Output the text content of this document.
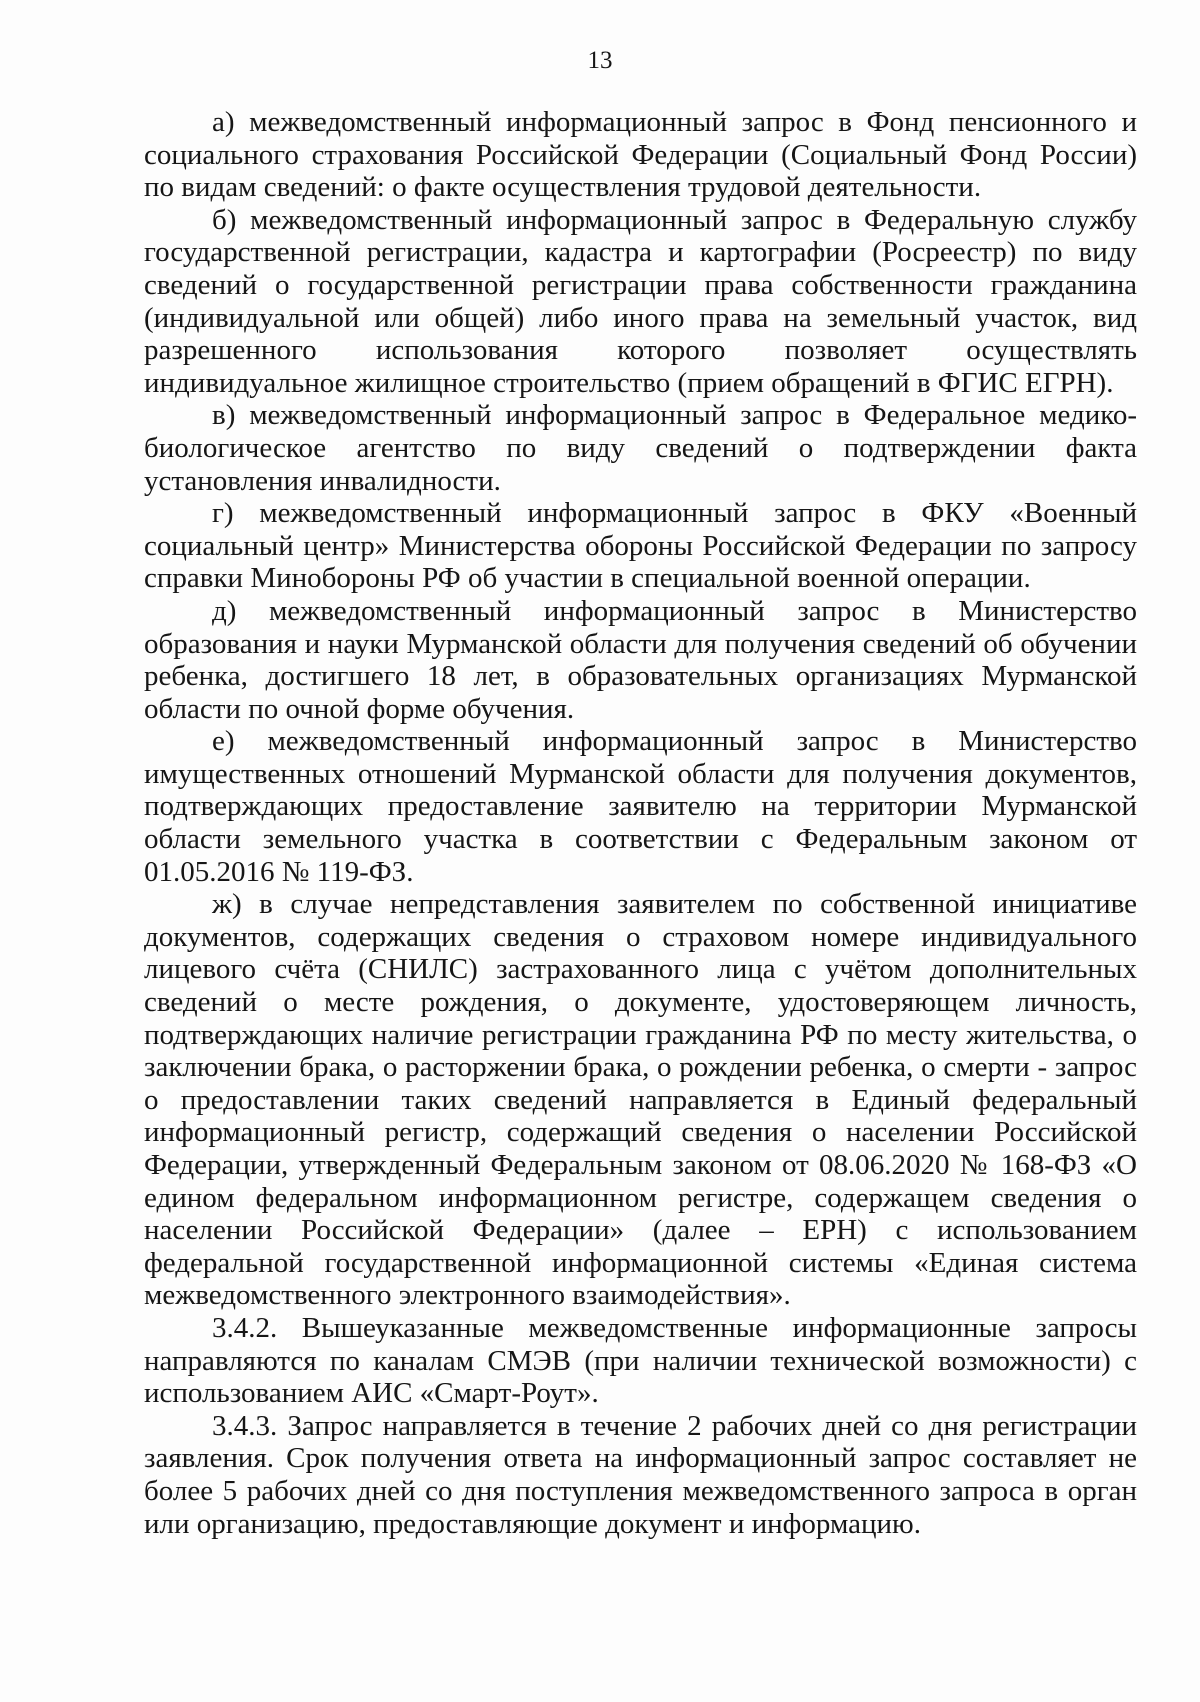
13

а) межведомственный информационный запрос в Фонд пенсионного и социального страхования Российской Федерации (Социальный Фонд России) по видам сведений: о факте осуществления трудовой деятельности.

б) межведомственный информационный запрос в Федеральную службу государственной регистрации, кадастра и картографии (Росреестр) по виду сведений о государственной регистрации права собственности гражданина (индивидуальной или общей) либо иного права на земельный участок, вид разрешенного использования которого позволяет осуществлять индивидуальное жилищное строительство (прием обращений в ФГИС ЕГРН).

в) межведомственный информационный запрос в Федеральное медико-биологическое агентство по виду сведений о подтверждении факта установления инвалидности.

г) межведомственный информационный запрос в ФКУ «Военный социальный центр» Министерства обороны Российской Федерации по запросу справки Минобороны РФ об участии в специальной военной операции.

д) межведомственный информационный запрос в Министерство образования и науки Мурманской области для получения сведений об обучении ребенка, достигшего 18 лет, в образовательных организациях Мурманской области по очной форме обучения.

е) межведомственный информационный запрос в Министерство имущественных отношений Мурманской области для получения документов, подтверждающих предоставление заявителю на территории Мурманской области земельного участка в соответствии с Федеральным законом от 01.05.2016 № 119-ФЗ.

ж) в случае непредставления заявителем по собственной инициативе документов, содержащих сведения о страховом номере индивидуального лицевого счёта (СНИЛС) застрахованного лица с учётом дополнительных сведений о месте рождения, о документе, удостоверяющем личность, подтверждающих наличие регистрации гражданина РФ по месту жительства, о заключении брака, о расторжении брака, о рождении ребенка, о смерти - запрос о предоставлении таких сведений направляется в Единый федеральный информационный регистр, содержащий сведения о населении Российской Федерации, утвержденный Федеральным законом от 08.06.2020 № 168-ФЗ «О едином федеральном информационном регистре, содержащем сведения о населении Российской Федерации» (далее – ЕРН) с использованием федеральной государственной информационной системы «Единая система межведомственного электронного взаимодействия».

3.4.2. Вышеуказанные межведомственные информационные запросы направляются по каналам СМЭВ (при наличии технической возможности) с использованием АИС «Смарт-Роут».

3.4.3. Запрос направляется в течение 2 рабочих дней со дня регистрации заявления. Срок получения ответа на информационный запрос составляет не более 5 рабочих дней со дня поступления межведомственного запроса в орган или организацию, предоставляющие документ и информацию.
